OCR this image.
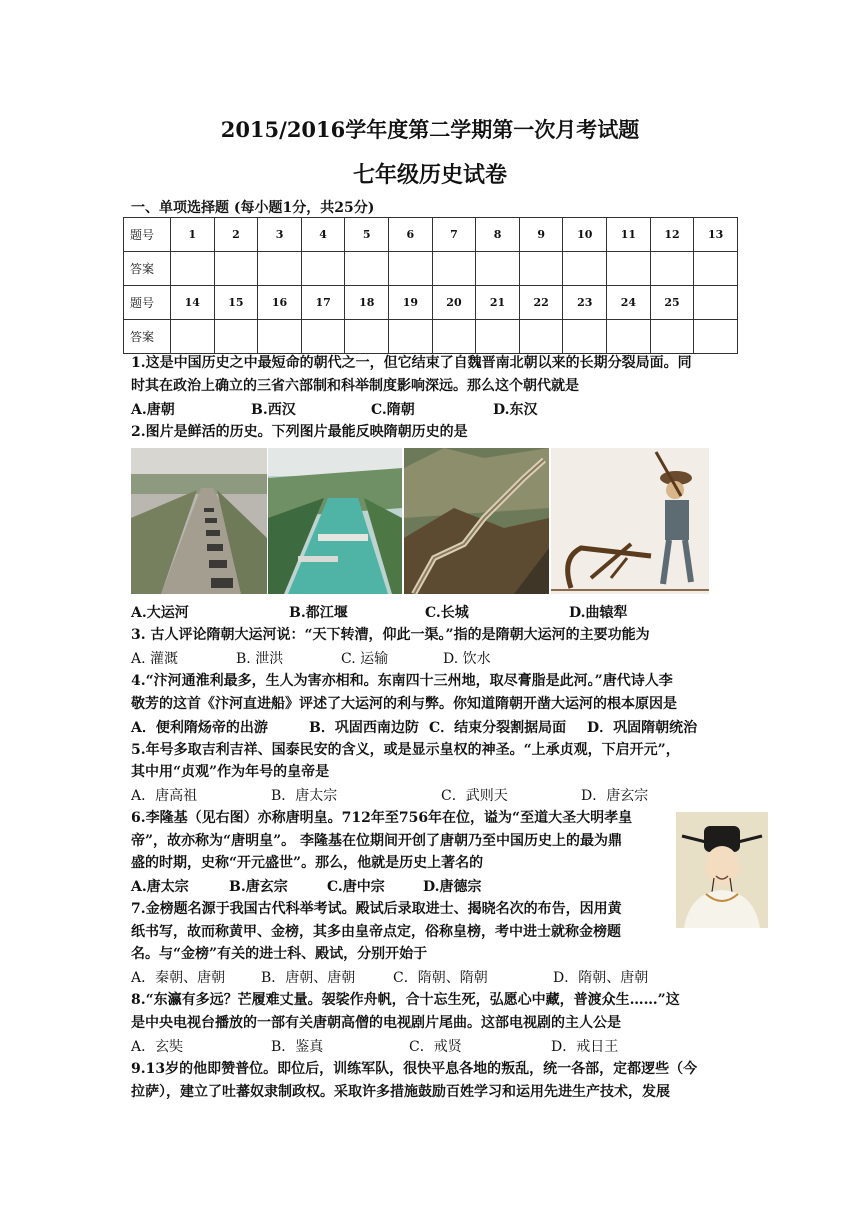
2015/2016学年度第二学期第一次月考试题
七年级历史试卷
一、单项选择题 (每小题1分，共25分)
题号	1	2	3	4	5	6	7	8	9	10	11	12	13
答案													
题号	14	15	16	17	18	19	20	21	22	23	24	25	
答案													
1.这是中国历史之中最短命的朝代之一，但它结束了自魏晋南北朝以来的长期分裂局面。同
时其在政治上确立的三省六部制和科举制度影响深远。那么这个朝代就是
A.唐朝	B.西汉	C.隋朝	D.东汉
2.图片是鲜活的历史。下列图片最能反映隋朝历史的是
A.大运河	B.都江堰	C.长城	D.曲辕犁
3. 古人评论隋朝大运河说：“天下转漕，仰此一渠。”指的是隋朝大运河的主要功能为
A. 灌溉	B. 泄洪	C. 运输	D. 饮水
4.“汴河通淮利最多，生人为害亦相和。东南四十三州地，取尽膏脂是此河。”唐代诗人李
敬芳的这首《汴河直进船》评述了大运河的利与弊。你知道隋朝开凿大运河的根本原因是
A．便利隋炀帝的出游	B．巩固西南边防 C．结束分裂割据局面 D．巩固隋朝统治
5.年号多取吉利吉祥、国泰民安的含义，或是显示皇权的神圣。“上承贞观，下启开元”，
其中用“贞观”作为年号的皇帝是
A．唐高祖	B．唐太宗	C．武则天	D．唐玄宗
6.李隆基（见右图）亦称唐明皇。712年至756年在位，谥为“至道大圣大明孝皇
帝”，故亦称为“唐明皇”。 李隆基在位期间开创了唐朝乃至中国历史上的最为鼎
盛的时期，史称“开元盛世”。那么，他就是历史上著名的
A.唐太宗	B.唐玄宗	C.唐中宗	D.唐德宗
7.金榜题名源于我国古代科举考试。殿试后录取进士、揭晓名次的布告，因用黄
纸书写，故而称黄甲、金榜，其多由皇帝点定，俗称皇榜，考中进士就称金榜题
名。与“金榜”有关的进士科、殿试，分别开始于
A．秦朝、唐朝	B．唐朝、唐朝	C．隋朝、隋朝	D．隋朝、唐朝
8.“东瀛有多远？芒履难丈量。袈裟作舟帆，合十忘生死，弘愿心中藏，普渡众生……”这
是中央电视台播放的一部有关唐朝高僧的电视剧片尾曲。这部电视剧的主人公是
A．玄奘	B．鉴真	C．戒贤	D．戒日王
9.13岁的他即赞普位。即位后，训练军队，很快平息各地的叛乱，统一各部，定都逻些（今
拉萨），建立了吐蕃奴隶制政权。采取许多措施鼓励百姓学习和运用先进生产技术，发展
